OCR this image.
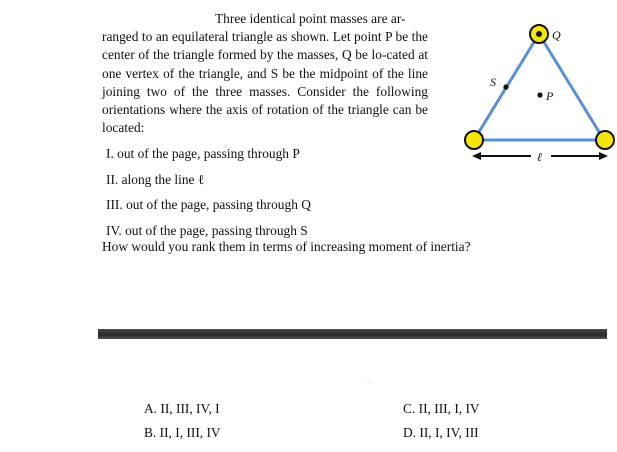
Three identical point masses are ar-
ranged to an equilateral triangle as shown. Let point P be the center of the triangle formed by the masses, Q be lo-cated at one vertex of the triangle, and S be the midpoint of the line joining two of the three masses. Consider the following orientations where the axis of rotation of the triangle can be located:
I. out of the page, passing through P
II. along the line ℓ
III. out of the page, passing through Q
IV. out of the page, passing through S
How would you rank them in terms of increasing moment of inertia?
Q
P
S
ℓ
· · ·
A. II, III, IV, I
B. II, I, III, IV
C. II, III, I, IV
D. II, I, IV, III
